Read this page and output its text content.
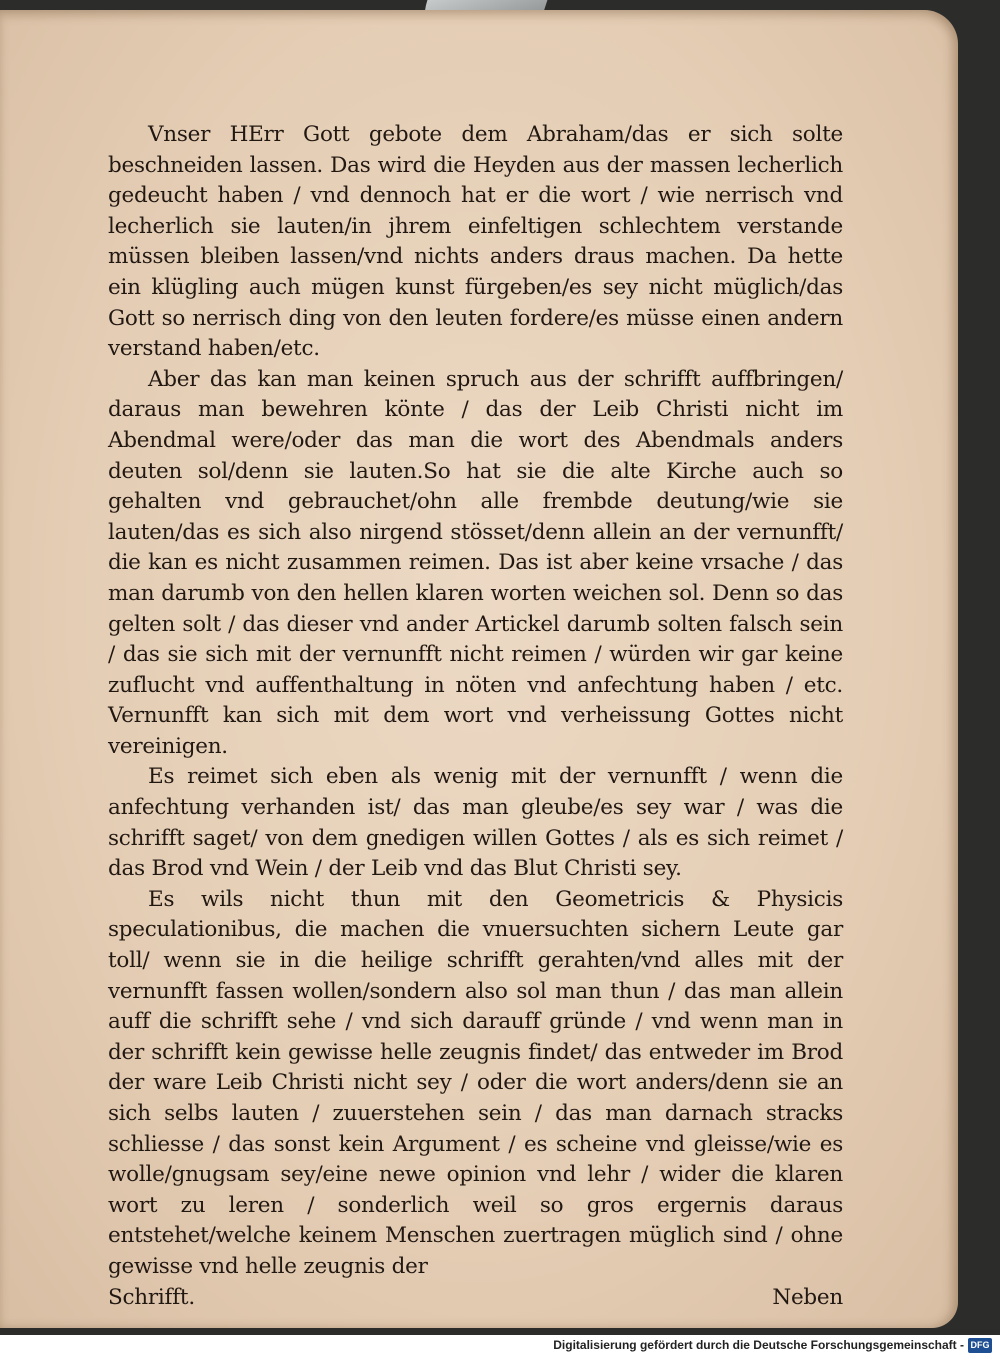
Vnser HErr Gott gebote dem Abraham/das er sich solte beschneiden lassen. Das wird die Heyden aus der massen lecherlich gedeucht haben / vnd dennoch hat er die wort / wie nerrisch vnd lecherlich sie lauten/in jhrem einfeltigen schlechtem verstande müssen bleiben lassen/vnd nichts anders draus machen. Da hette ein klügling auch mügen kunst fürgeben/es sey nicht müglich/das Gott so nerrisch ding von den leuten fordere/es müsse einen andern verstand haben/etc.

Aber das kan man keinen spruch aus der schrifft auffbringen/ daraus man bewehren könte / das der Leib Christi nicht im Abendmal were/oder das man die wort des Abendmals anders deuten sol/denn sie lauten.So hat sie die alte Kirche auch so gehalten vnd gebrauchet/ohn alle frembde deutung/wie sie lauten/das es sich also nirgend stösset/denn allein an der vernunfft/ die kan es nicht zusammen reimen. Das ist aber keine vrsache / das man darumb von den hellen klaren worten weichen sol. Denn so das gelten solt / das dieser vnd ander Artickel darumb solten falsch sein / das sie sich mit der vernunfft nicht reimen / würden wir gar keine zuflucht vnd auffenthaltung in nöten vnd anfechtung haben / etc. Vernunfft kan sich mit dem wort vnd verheissung Gottes nicht vereinigen.

Es reimet sich eben als wenig mit der vernunfft / wenn die anfechtung verhanden ist/ das man gleube/es sey war / was die schrifft saget/ von dem gnedigen willen Gottes / als es sich reimet / das Brod vnd Wein / der Leib vnd das Blut Christi sey.

Es wils nicht thun mit den Geometricis & Physicis speculationibus, die machen die vnuersuchten sichern Leute gar toll/ wenn sie in die heilige schrifft gerahten/vnd alles mit der vernunfft fassen wollen/sondern also sol man thun / das man allein auff die schrifft sehe / vnd sich darauff gründe / vnd wenn man in der schrifft kein gewisse helle zeugnis findet/ das entweder im Brod der ware Leib Christi nicht sey / oder die wort anders/denn sie an sich selbs lauten / zuuerstehen sein / das man darnach stracks schliesse / das sonst kein Argument / es scheine vnd gleisse/wie es wolle/gnugsam sey/eine newe opinion vnd lehr / wider die klaren wort zu leren / sonderlich weil so gros ergernis daraus entstehet/welche keinem Menschen zuertragen müglich sind / ohne gewisse vnd helle zeugnis der

Schrifft.	Neben
Digitalisierung gefördert durch die Deutsche Forschungsgemeinschaft - DFG
